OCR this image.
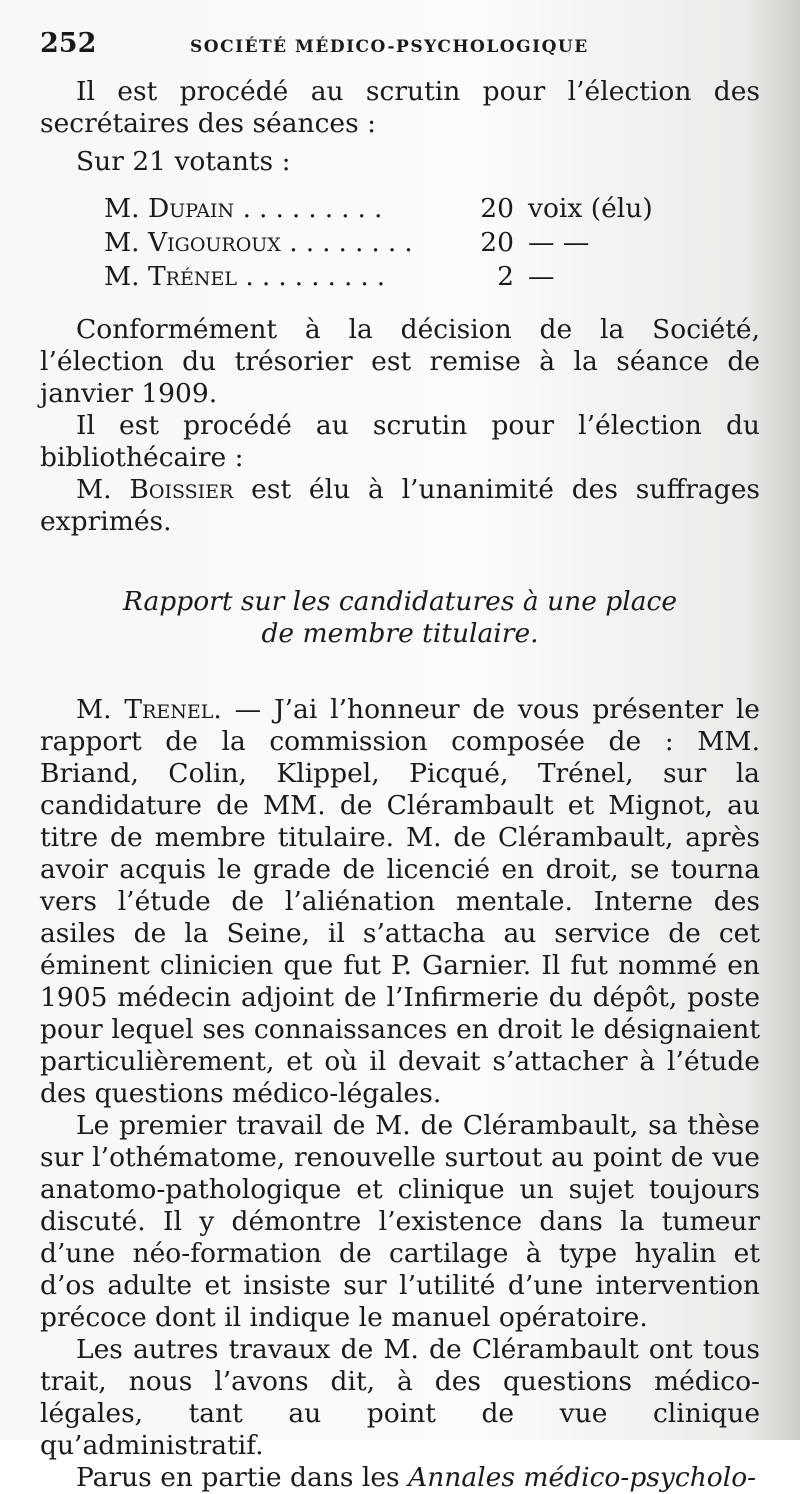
252	SOCIÉTÉ MÉDICO-PSYCHOLOGIQUE

Il est procédé au scrutin pour l’élection des secrétaires des séances :

Sur 21 votants :

M. Dupain .........	20 voix (élu)
M. Vigouroux ........	20 — —
M. Trénel .........	2 —

Conformément à la décision de la Société, l’élection du trésorier est remise à la séance de janvier 1909.

Il est procédé au scrutin pour l’élection du bibliothécaire :

M. Boissier est élu à l’unanimité des suffrages exprimés.

Rapport sur les candidatures à une place
de membre titulaire.

M. Trenel. — J’ai l’honneur de vous présenter le rapport de la commission composée de : MM. Briand, Colin, Klippel, Picqué, Trénel, sur la candidature de MM. de Clérambault et Mignot, au titre de membre titulaire. M. de Clérambault, après avoir acquis le grade de licencié en droit, se tourna vers l’étude de l’aliénation mentale. Interne des asiles de la Seine, il s’attacha au service de cet éminent clinicien que fut P. Garnier. Il fut nommé en 1905 médecin adjoint de l’Infirmerie du dépôt, poste pour lequel ses connaissances en droit le désignaient particulièrement, et où il devait s’attacher à l’étude des questions médico-légales.

Le premier travail de M. de Clérambault, sa thèse sur l’othématome, renouvelle surtout au point de vue anatomo-pathologique et clinique un sujet toujours discuté. Il y démontre l’existence dans la tumeur d’une néo-formation de cartilage à type hyalin et d’os adulte et insiste sur l’utilité d’une intervention précoce dont il indique le manuel opératoire.

Les autres travaux de M. de Clérambault ont tous trait, nous l’avons dit, à des questions médico-légales, tant au point de vue clinique qu’administratif.

Parus en partie dans les Annales médico-psycholo-
